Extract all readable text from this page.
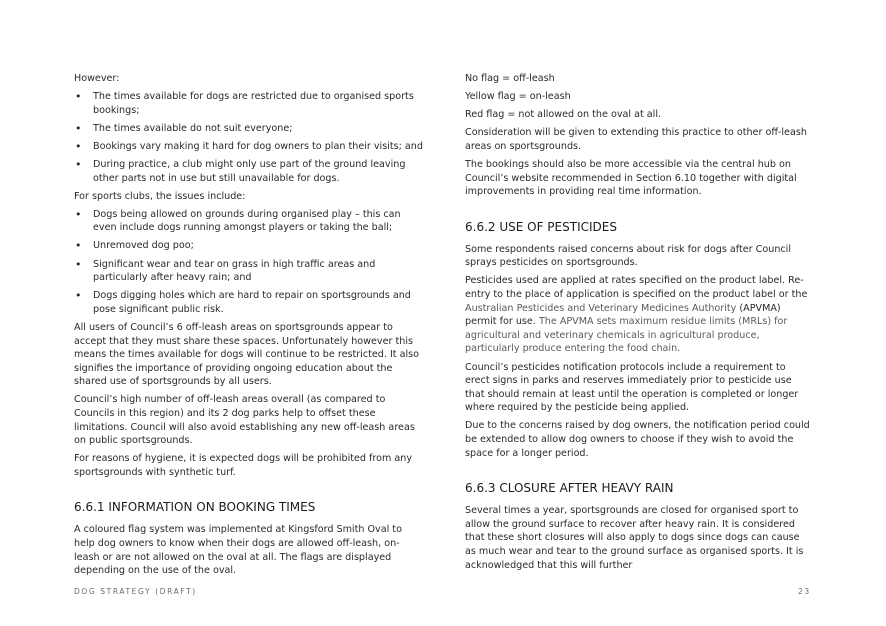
However:

• The times available for dogs are restricted due to organised sports bookings;
• The times available do not suit everyone;
• Bookings vary making it hard for dog owners to plan their visits; and
• During practice, a club might only use part of the ground leaving other parts not in use but still unavailable for dogs.

For sports clubs, the issues include:

• Dogs being allowed on grounds during organised play – this can even include dogs running amongst players or taking the ball;
• Unremoved dog poo;
• Significant wear and tear on grass in high traffic areas and particularly after heavy rain; and
• Dogs digging holes which are hard to repair on sportsgrounds and pose significant public risk.

All users of Council’s 6 off-leash areas on sportsgrounds appear to accept that they must share these spaces. Unfortunately however this means the times available for dogs will continue to be restricted. It also signifies the importance of providing ongoing education about the shared use of sportsgrounds by all users.

Council’s high number of off-leash areas overall (as compared to Councils in this region) and its 2 dog parks help to offset these limitations. Council will also avoid establishing any new off-leash areas on public sportsgrounds.

For reasons of hygiene, it is expected dogs will be prohibited from any sportsgrounds with synthetic turf.

6.6.1 INFORMATION ON BOOKING TIMES

A coloured flag system was implemented at Kingsford Smith Oval to help dog owners to know when their dogs are allowed off-leash, on-leash or are not allowed on the oval at all. The flags are displayed depending on the use of the oval.

No flag = off-leash

Yellow flag = on-leash

Red flag = not allowed on the oval at all.

Consideration will be given to extending this practice to other off-leash areas on sportsgrounds.

The bookings should also be more accessible via the central hub on Council’s website recommended in Section 6.10 together with digital improvements in providing real time information.

6.6.2 USE OF PESTICIDES

Some respondents raised concerns about risk for dogs after Council sprays pesticides on sportsgrounds.

Pesticides used are applied at rates specified on the product label. Re-entry to the place of application is specified on the product label or the Australian Pesticides and Veterinary Medicines Authority (APVMA) permit for use. The APVMA sets maximum residue limits (MRLs) for agricultural and veterinary chemicals in agricultural produce, particularly produce entering the food chain.

Council’s pesticides notification protocols include a requirement to erect signs in parks and reserves immediately prior to pesticide use that should remain at least until the operation is completed or longer where required by the pesticide being applied.

Due to the concerns raised by dog owners, the notification period could be extended to allow dog owners to choose if they wish to avoid the space for a longer period.

6.6.3 CLOSURE AFTER HEAVY RAIN

Several times a year, sportsgrounds are closed for organised sport to allow the ground surface to recover after heavy rain. It is considered that these short closures will also apply to dogs since dogs can cause as much wear and tear to the ground surface as organised sports. It is acknowledged that this will further

DOG STRATEGY (DRAFT)	23
